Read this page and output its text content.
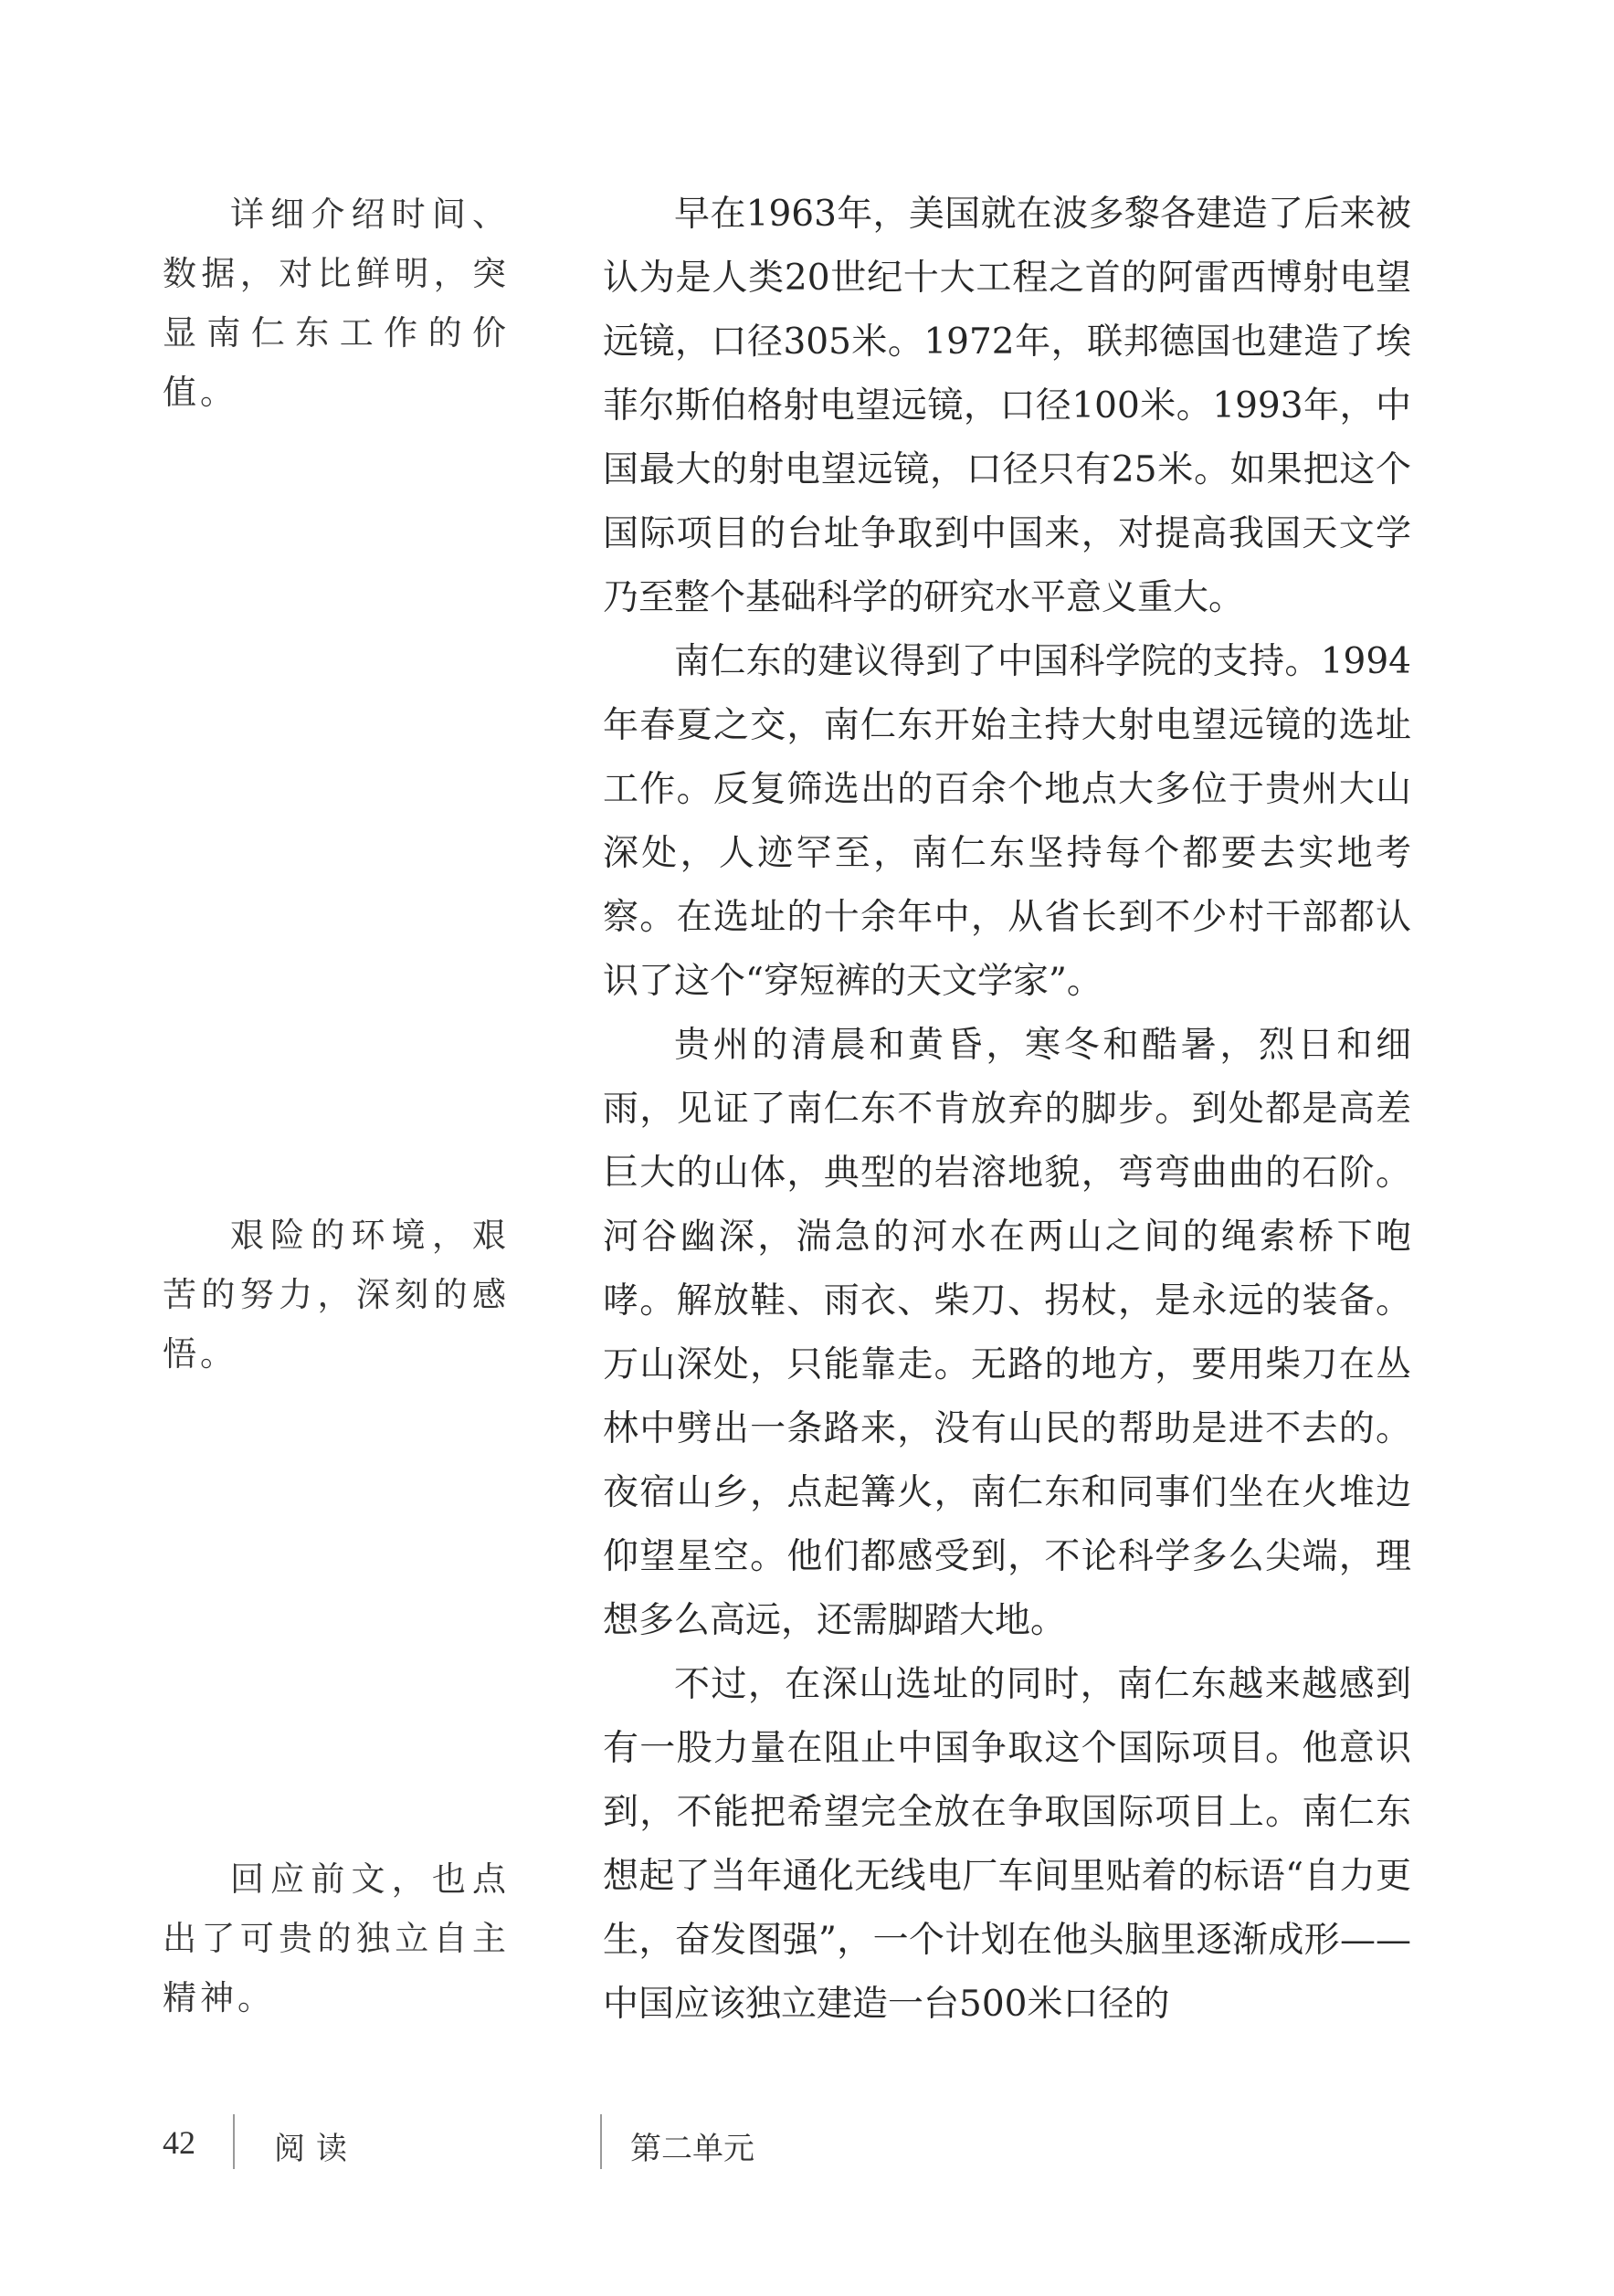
详细介绍时间、数据，对比鲜明，突显南仁东工作的价值。

艰险的环境，艰苦的努力，深刻的感悟。

回应前文，也点出了可贵的独立自主精神。

早在1963年，美国就在波多黎各建造了后来被认为是人类20世纪十大工程之首的阿雷西博射电望远镜，口径305米。1972年，联邦德国也建造了埃菲尔斯伯格射电望远镜，口径100米。1993年，中国最大的射电望远镜，口径只有25米。如果把这个国际项目的台址争取到中国来，对提高我国天文学乃至整个基础科学的研究水平意义重大。

南仁东的建议得到了中国科学院的支持。1994年春夏之交，南仁东开始主持大射电望远镜的选址工作。反复筛选出的百余个地点大多位于贵州大山深处，人迹罕至，南仁东坚持每个都要去实地考察。在选址的十余年中，从省长到不少村干部都认识了这个“穿短裤的天文学家”。

贵州的清晨和黄昏，寒冬和酷暑，烈日和细雨，见证了南仁东不肯放弃的脚步。到处都是高差巨大的山体，典型的岩溶地貌，弯弯曲曲的石阶。河谷幽深，湍急的河水在两山之间的绳索桥下咆哮。解放鞋、雨衣、柴刀、拐杖，是永远的装备。万山深处，只能靠走。无路的地方，要用柴刀在丛林中劈出一条路来，没有山民的帮助是进不去的。夜宿山乡，点起篝火，南仁东和同事们坐在火堆边仰望星空。他们都感受到，不论科学多么尖端，理想多么高远，还需脚踏大地。

不过，在深山选址的同时，南仁东越来越感到有一股力量在阻止中国争取这个国际项目。他意识到，不能把希望完全放在争取国际项目上。南仁东想起了当年通化无线电厂车间里贴着的标语“自力更生，奋发图强”，一个计划在他头脑里逐渐成形——中国应该独立建造一台500米口径的

42	阅读	第二单元
